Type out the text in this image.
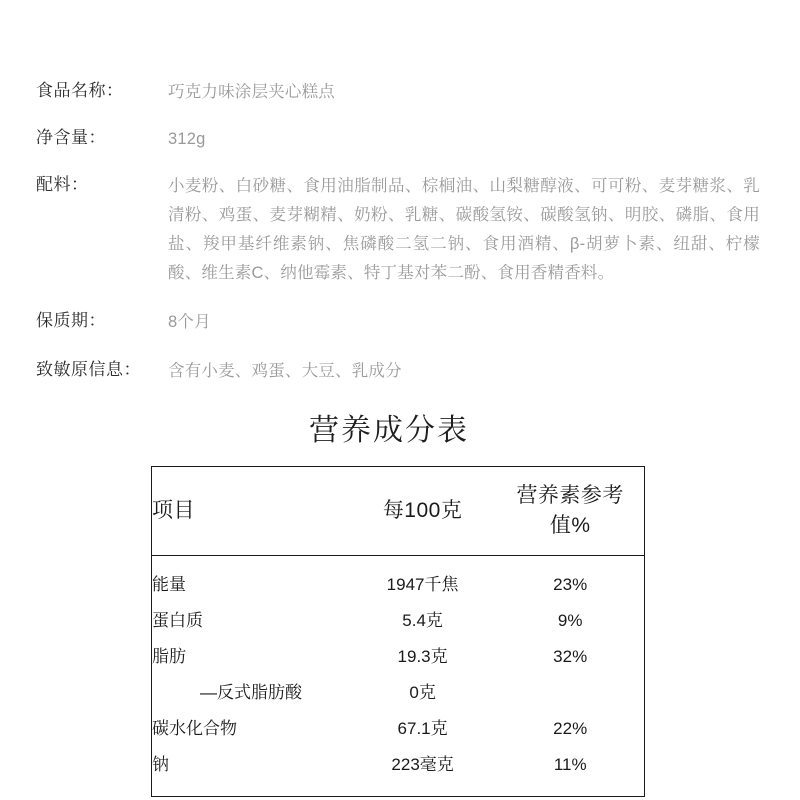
食品名称：	巧克力味涂层夹心糕点
净含量：	312g
配料：	小麦粉、白砂糖、食用油脂制品、棕榈油、山梨糖醇液、可可粉、麦芽糖浆、乳清粉、鸡蛋、麦芽糊精、奶粉、乳糖、碳酸氢铵、碳酸氢钠、明胶、磷脂、食用盐、羧甲基纤维素钠、焦磷酸二氢二钠、食用酒精、β-胡萝卜素、纽甜、柠檬酸、维生素C、纳他霉素、特丁基对苯二酚、食用香精香料。
保质期：	8个月
致敏原信息：	含有小麦、鸡蛋、大豆、乳成分
营养成分表
项目	每100克	营养素参考值%
能量	1947千焦	23%
蛋白质	5.4克	9%
脂肪	19.3克	32%
—反式脂肪酸	0克	
碳水化合物	67.1克	22%
钠	223毫克	11%
